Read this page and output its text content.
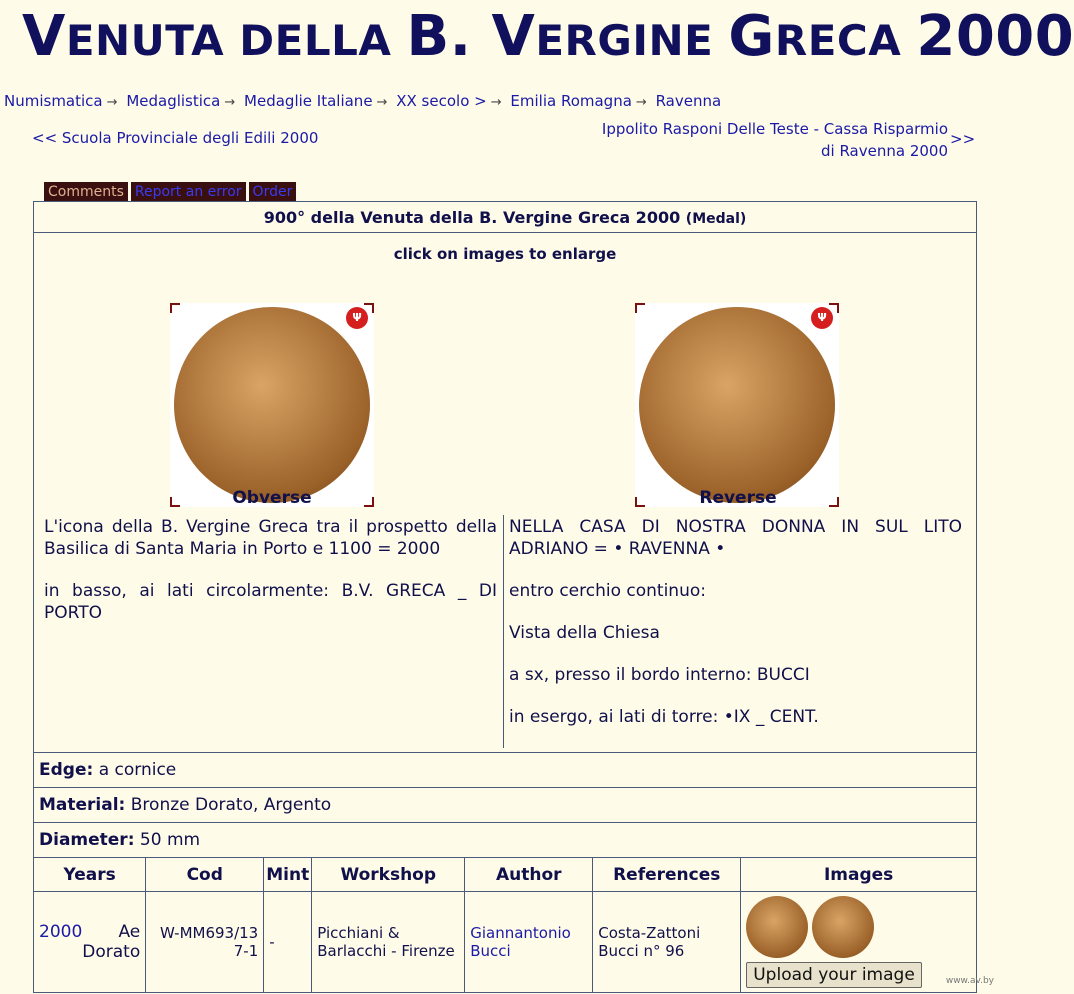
VENUTA DELLA B. VERGINE GRECA 2000
Numismatica → Medaglistica → Medaglie Italiane → XX secolo > → Emilia Romagna → Ravenna
<< Scuola Provinciale degli Edili 2000	Ippolito Rasponi Delle Teste - Cassa Risparmio di Ravenna 2000
>>
Comments Report an error Order
900° della Venuta della B. Vergine Greca 2000 (Medal)
click on images to enlarge
Ψ	Ψ
Obverse	Reverse

L'icona della B. Vergine Greca tra il prospetto della Basilica di Santa Maria in Porto e 1100 = 2000

in basso, ai lati circolarmente: B.V. GRECA _ DI PORTO

NELLA CASA DI NOSTRA DONNA IN SUL LITO ADRIANO = • RAVENNA •

entro cerchio continuo:

Vista della Chiesa

a sx, presso il bordo interno: BUCCI

in esergo, ai lati di torre: •IX _ CENT.

Edge: a cornice
Material: Bronze Dorato, Argento
Diameter: 50 mm
Years	Cod	Mint	Workshop	Author	References	Images

2000 Ae Dorato	W-MM693/137-1	-	Picchiani & Barlacchi - Firenze	Giannantonio Bucci	Costa-Zattoni Bucci n° 96	Upload your image	www.av.by
